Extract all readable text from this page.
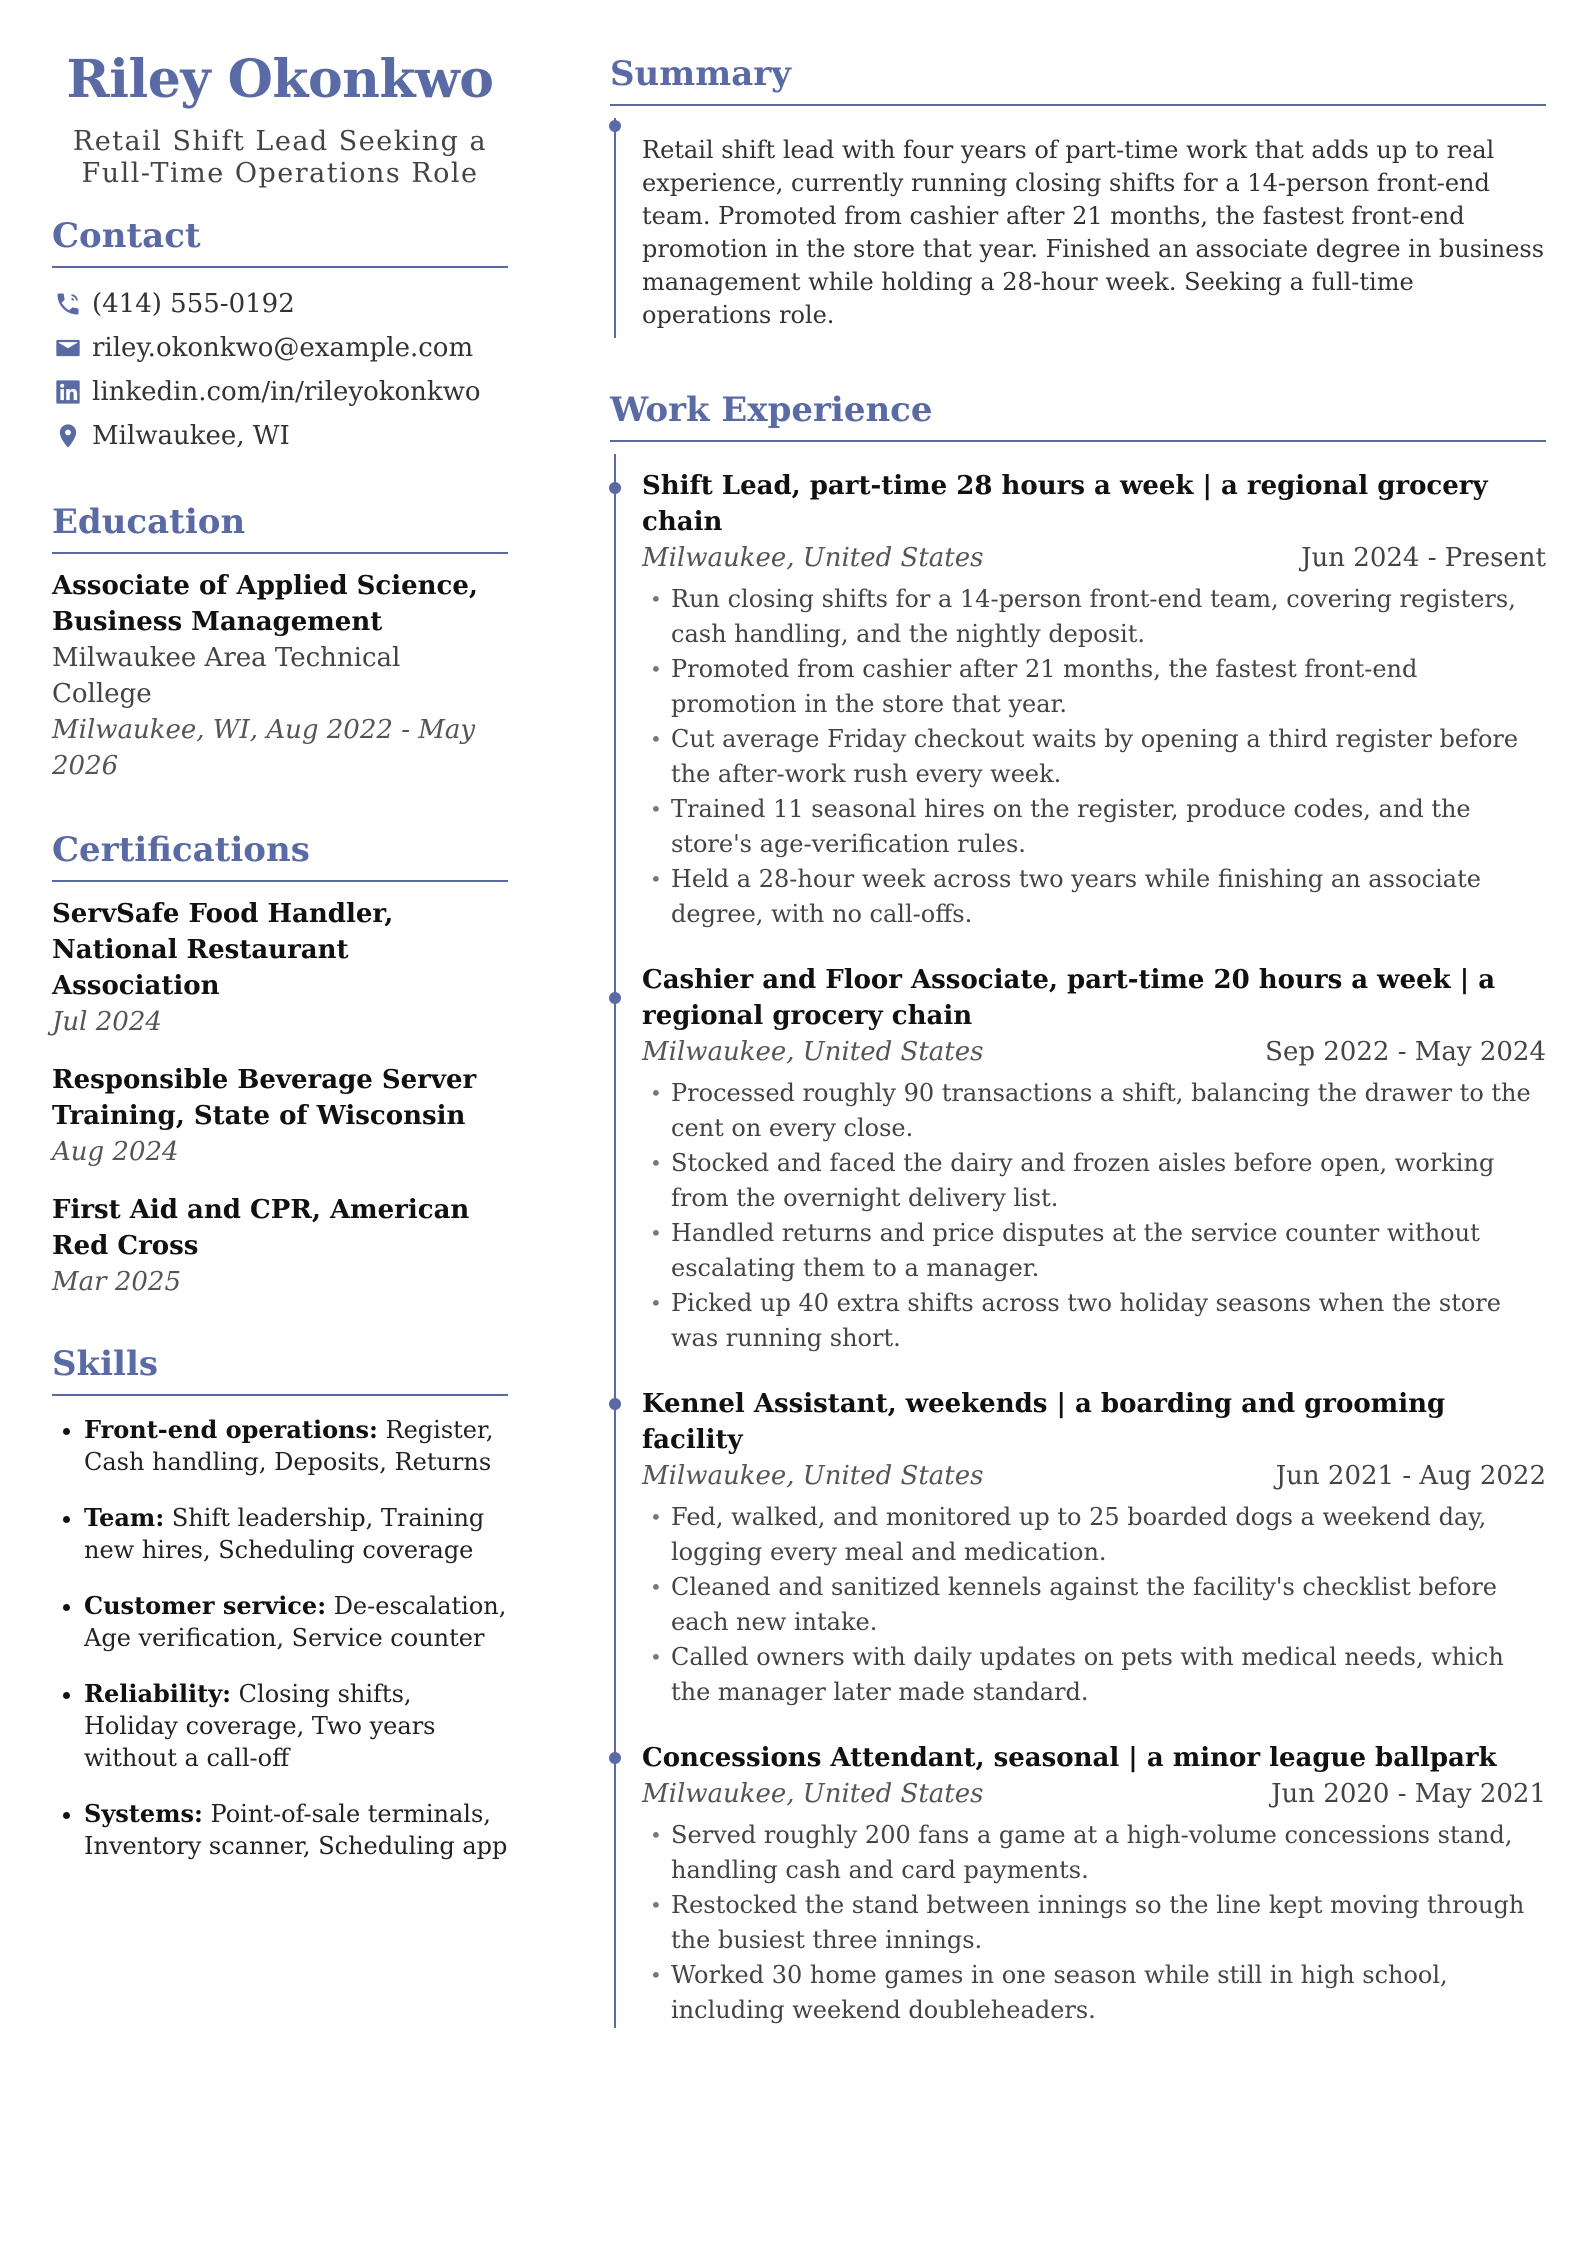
Riley Okonkwo
Retail Shift Lead Seeking a
Full-Time Operations Role
Contact
(414) 555-0192
riley.okonkwo@example.com
linkedin.com/in/rileyokonkwo
Milwaukee, WI
Education
Associate of Applied Science, Business Management
Milwaukee Area Technical College
Milwaukee, WI, Aug 2022 - May 2026
Certifications
ServSafe Food Handler, National Restaurant Association
Jul 2024
Responsible Beverage Server Training, State of Wisconsin
Aug 2024
First Aid and CPR, American Red Cross
Mar 2025
Skills
• Front-end operations: Register, Cash handling, Deposits, Returns
• Team: Shift leadership, Training new hires, Scheduling coverage
• Customer service: De-escalation, Age verification, Service counter
• Reliability: Closing shifts, Holiday coverage, Two years without a call-off
• Systems: Point-of-sale terminals, Inventory scanner, Scheduling app
Summary
Retail shift lead with four years of part-time work that adds up to real experience, currently running closing shifts for a 14-person front-end team. Promoted from cashier after 21 months, the fastest front-end promotion in the store that year. Finished an associate degree in business management while holding a 28-hour week. Seeking a full-time operations role.
Work Experience
Shift Lead, part-time 28 hours a week | a regional grocery chain
Milwaukee, United States	Jun 2024 - Present
• Run closing shifts for a 14-person front-end team, covering registers, cash handling, and the nightly deposit.
• Promoted from cashier after 21 months, the fastest front-end promotion in the store that year.
• Cut average Friday checkout waits by opening a third register before the after-work rush every week.
• Trained 11 seasonal hires on the register, produce codes, and the store's age-verification rules.
• Held a 28-hour week across two years while finishing an associate degree, with no call-offs.
Cashier and Floor Associate, part-time 20 hours a week | a regional grocery chain
Milwaukee, United States	Sep 2022 - May 2024
• Processed roughly 90 transactions a shift, balancing the drawer to the cent on every close.
• Stocked and faced the dairy and frozen aisles before open, working from the overnight delivery list.
• Handled returns and price disputes at the service counter without escalating them to a manager.
• Picked up 40 extra shifts across two holiday seasons when the store was running short.
Kennel Assistant, weekends | a boarding and grooming facility
Milwaukee, United States	Jun 2021 - Aug 2022
• Fed, walked, and monitored up to 25 boarded dogs a weekend day, logging every meal and medication.
• Cleaned and sanitized kennels against the facility's checklist before each new intake.
• Called owners with daily updates on pets with medical needs, which the manager later made standard.
Concessions Attendant, seasonal | a minor league ballpark
Milwaukee, United States	Jun 2020 - May 2021
• Served roughly 200 fans a game at a high-volume concessions stand, handling cash and card payments.
• Restocked the stand between innings so the line kept moving through the busiest three innings.
• Worked 30 home games in one season while still in high school, including weekend doubleheaders.
